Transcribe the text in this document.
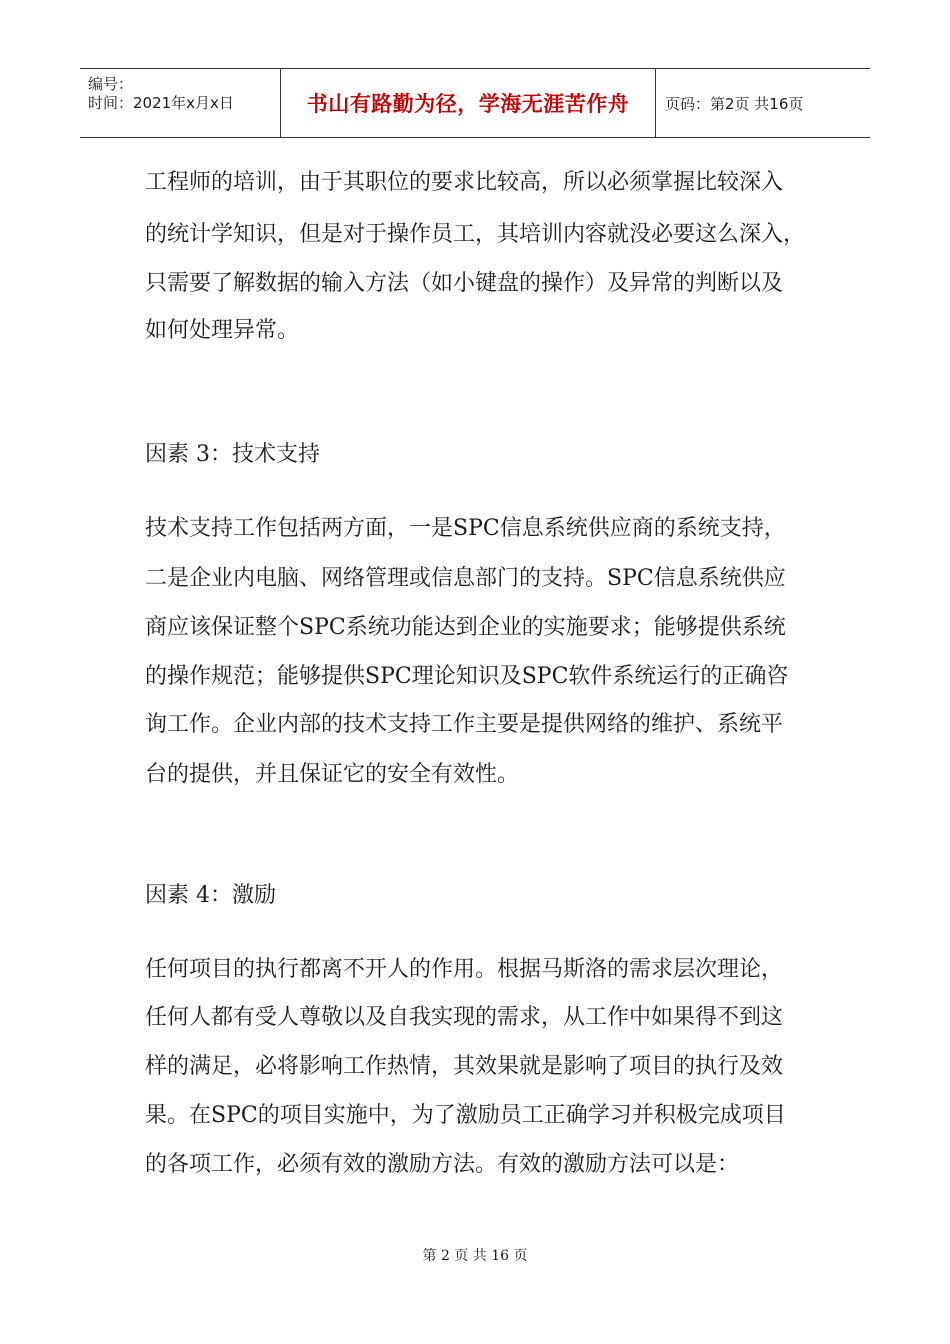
编号：
时间：2021年x月x日	书山有路勤为径，学海无涯苦作舟 页码：第2页 共16页
工程师的培训，由于其职位的要求比较高，所以必须掌握比较深入
的统计学知识，但是对于操作员工，其培训内容就没必要这么深入，
只需要了解数据的输入方法（如小键盘的操作）及异常的判断以及
如何处理异常。
因素 3：技术支持
技术支持工作包括两方面，一是SPC信息系统供应商的系统支持，
二是企业内电脑、网络管理或信息部门的支持。SPC信息系统供应
商应该保证整个SPC系统功能达到企业的实施要求；能够提供系统
的操作规范；能够提供SPC理论知识及SPC软件系统运行的正确咨
询工作。企业内部的技术支持工作主要是提供网络的维护、系统平
台的提供，并且保证它的安全有效性。
因素 4：激励
任何项目的执行都离不开人的作用。根据马斯洛的需求层次理论，
任何人都有受人尊敬以及自我实现的需求，从工作中如果得不到这
样的满足，必将影响工作热情，其效果就是影响了项目的执行及效
果。在SPC的项目实施中，为了激励员工正确学习并积极完成项目
的各项工作，必须有效的激励方法。有效的激励方法可以是：
第 2 页 共 16 页
